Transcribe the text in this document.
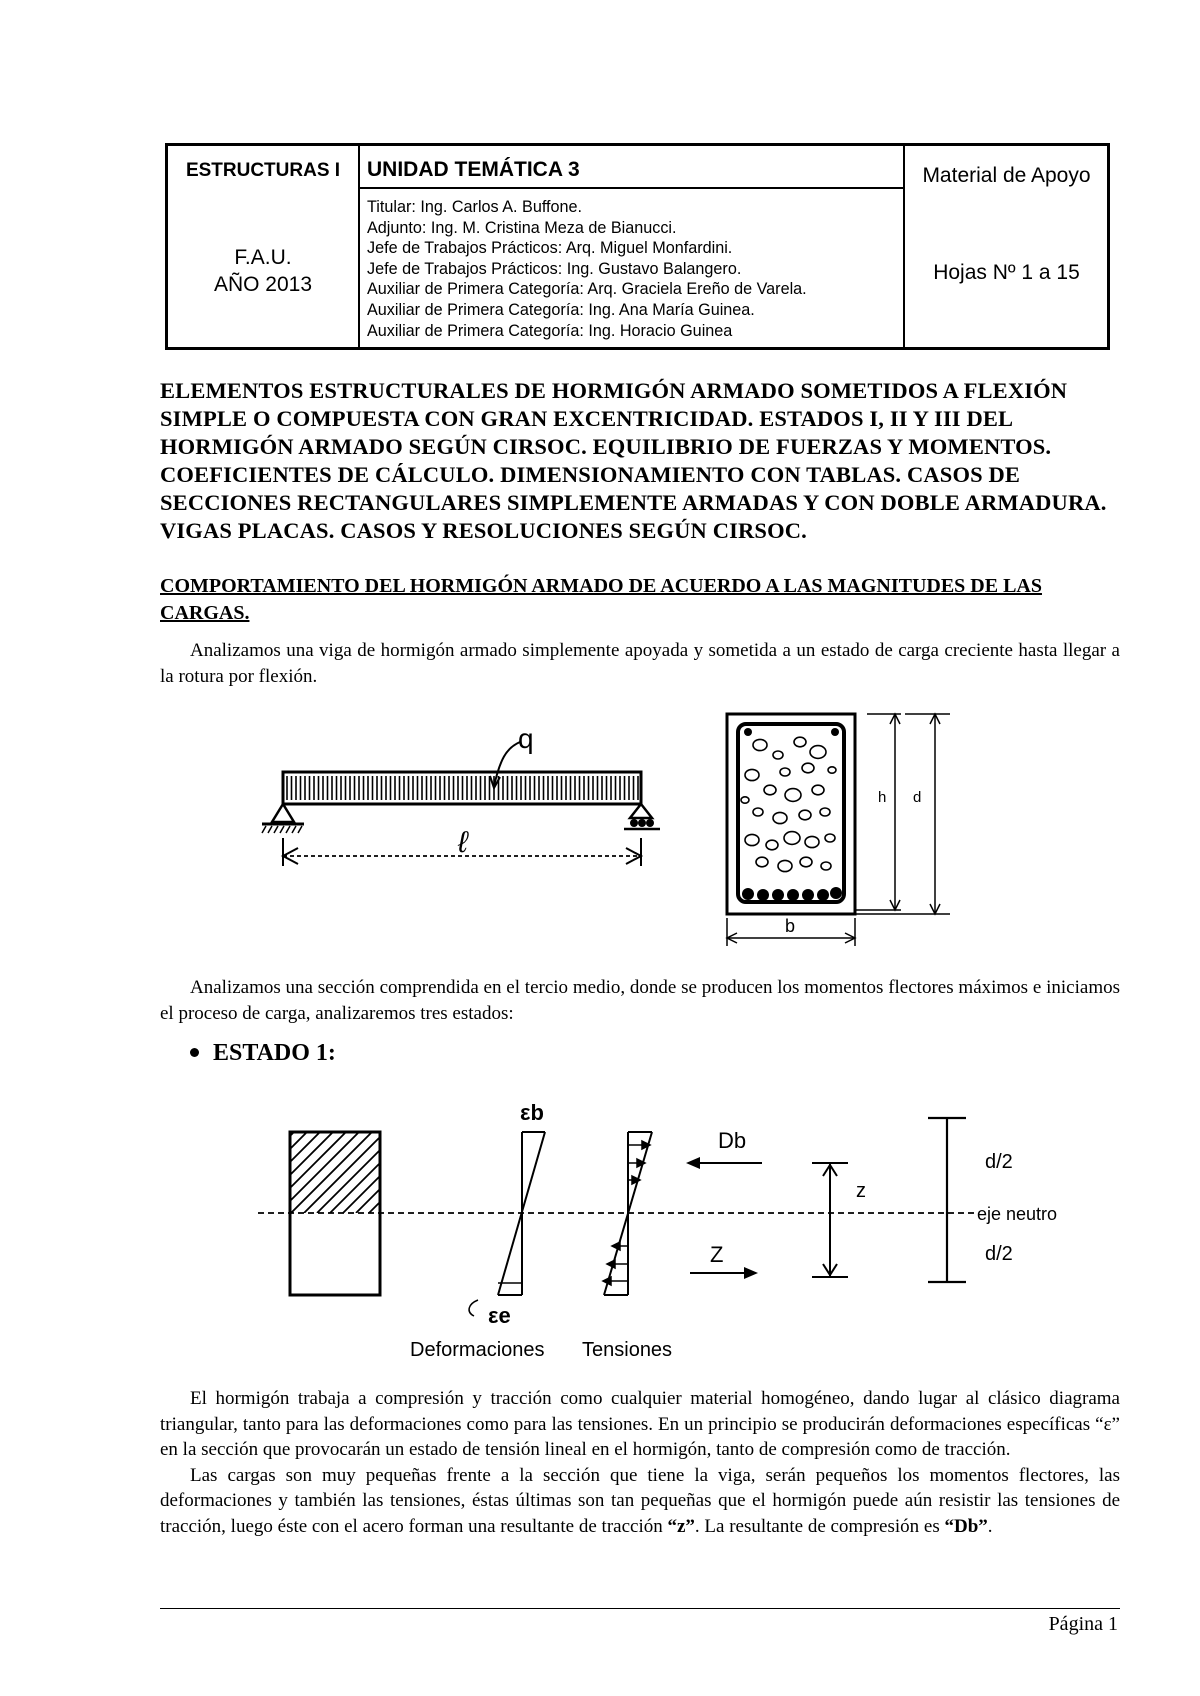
ESTRUCTURAS I
F.A.U.
AÑO 2013
UNIDAD TEMÁTICA 3
Titular: Ing. Carlos A. Buffone.
Adjunto: Ing. M. Cristina Meza de Bianucci.
Jefe de Trabajos Prácticos: Arq. Miguel Monfardini.
Jefe de Trabajos Prácticos: Ing. Gustavo Balangero.
Auxiliar de Primera Categoría: Arq. Graciela Ereño de Varela.
Auxiliar de Primera Categoría: Ing. Ana María Guinea.
Auxiliar de Primera Categoría: Ing. Horacio Guinea
Material de Apoyo
Hojas Nº 1 a 15
ELEMENTOS ESTRUCTURALES DE HORMIGÓN ARMADO SOMETIDOS A FLEXIÓN SIMPLE O COMPUESTA CON GRAN EXCENTRICIDAD. ESTADOS I, II Y III DEL HORMIGÓN ARMADO SEGÚN CIRSOC. EQUILIBRIO DE FUERZAS Y MOMENTOS. COEFICIENTES DE CÁLCULO. DIMENSIONAMIENTO CON TABLAS. CASOS DE SECCIONES RECTANGULARES SIMPLEMENTE ARMADAS Y CON DOBLE ARMADURA. VIGAS PLACAS. CASOS Y RESOLUCIONES SEGÚN CIRSOC.
COMPORTAMIENTO DEL HORMIGÓN ARMADO DE ACUERDO A LAS MAGNITUDES DE LAS CARGAS.

Analizamos una viga de hormigón armado simplemente apoyada y sometida a un estado de carga creciente hasta llegar a la rotura por flexión.

ℓ
q
h d
b

Analizamos una sección comprendida en el tercio medio, donde se producen los momentos flectores máximos e iniciamos el proceso de carga, analizaremos tres estados:

ESTADO 1:
εb
εe
Db
Z
z
d/2
eje neutro
d/2
Deformaciones Tensiones

El hormigón trabaja a compresión y tracción como cualquier material homogéneo, dando lugar al clásico diagrama triangular, tanto para las deformaciones como para las tensiones. En un principio se producirán deformaciones específicas “ε” en la sección que provocarán un estado de tensión lineal en el hormigón, tanto de compresión como de tracción.

Las cargas son muy pequeñas frente a la sección que tiene la viga, serán pequeños los momentos flectores, las deformaciones y también las tensiones, éstas últimas son tan pequeñas que el hormigón puede aún resistir las tensiones de tracción, luego éste con el acero forman una resultante de tracción “z”. La resultante de compresión es “Db”.

Página 1
